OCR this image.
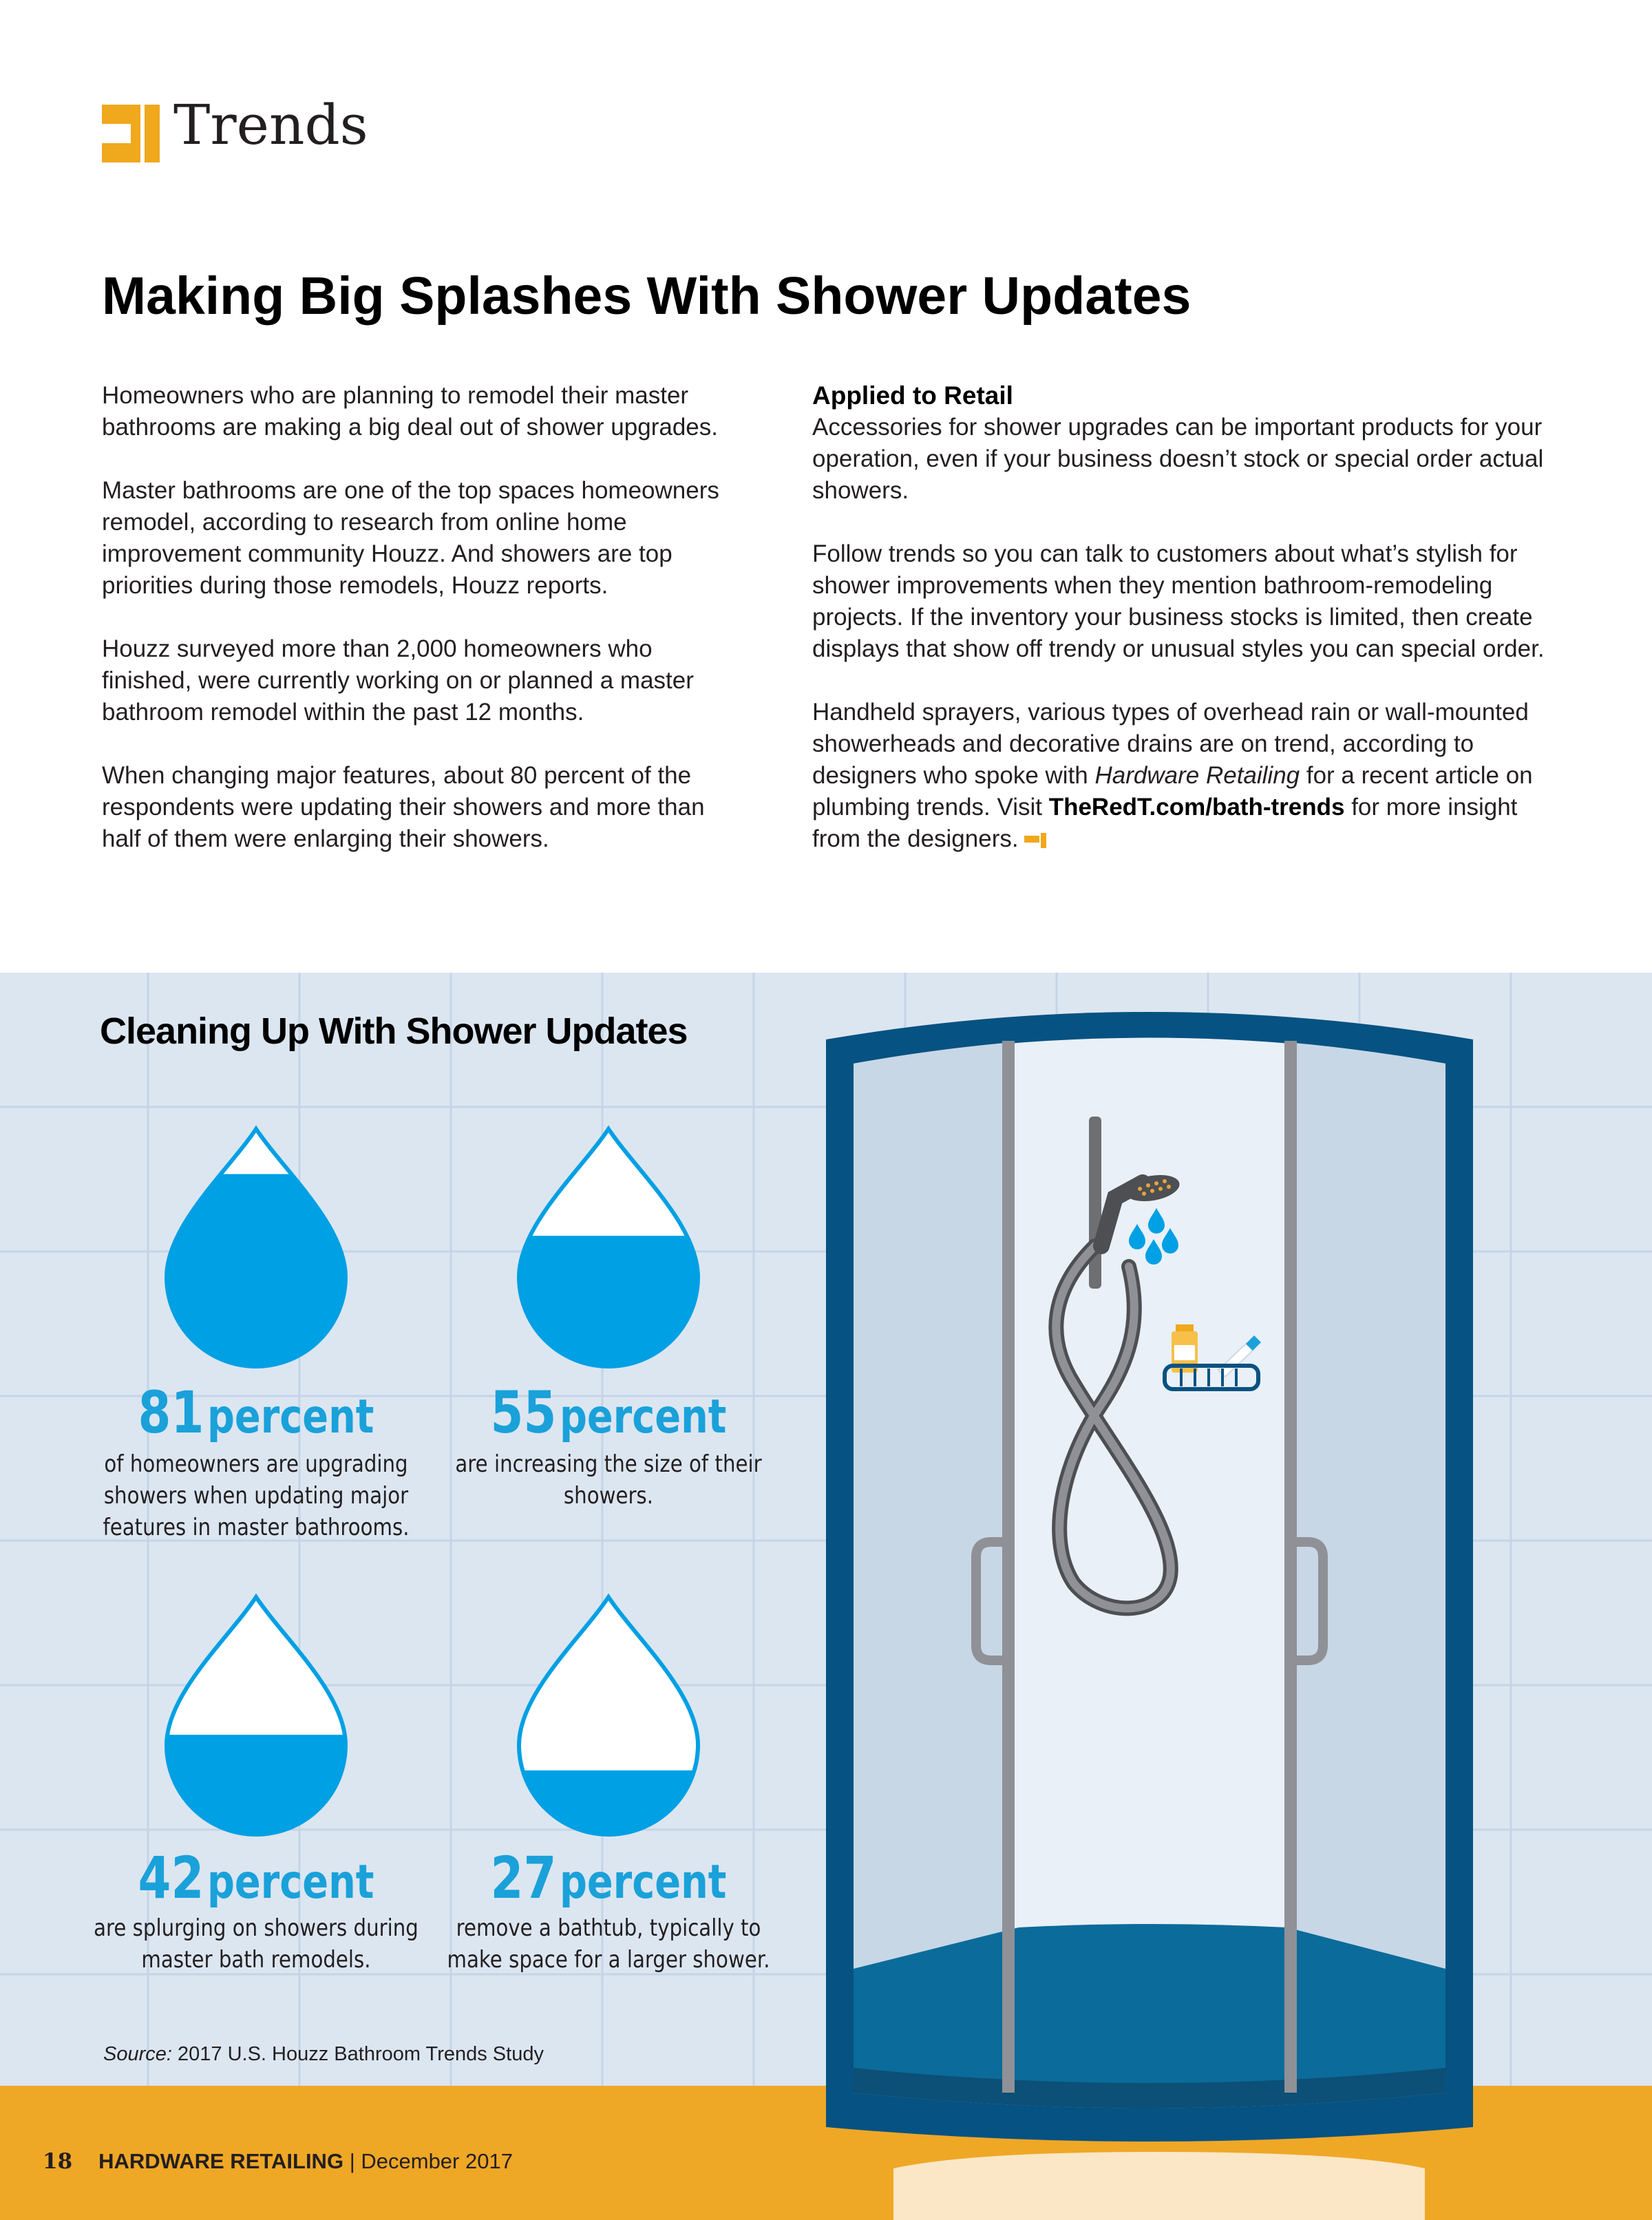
Trends
Making Big Splashes With Shower Updates

Homeowners who are planning to remodel their master bathrooms are making a big deal out of shower upgrades.

Master bathrooms are one of the top spaces homeowners remodel, according to research from online home improvement community Houzz. And showers are top priorities during those remodels, Houzz reports.

Houzz surveyed more than 2,000 homeowners who finished, were currently working on or planned a master bathroom remodel within the past 12 months.

When changing major features, about 80 percent of the respondents were updating their showers and more than half of them were enlarging their showers.

Applied to Retail

Accessories for shower upgrades can be important products for your operation, even if your business doesn’t stock or special order actual showers.

Follow trends so you can talk to customers about what’s stylish for shower improvements when they mention bathroom-remodeling projects. If the inventory your business stocks is limited, then create displays that show off trendy or unusual styles you can special order.

Handheld sprayers, various types of overhead rain or wall-mounted showerheads and decorative drains are on trend, according to designers who spoke with Hardware Retailing for a recent article on plumbing trends. Visit TheRedT.com/bath-trends for more insight from the designers.

Cleaning Up With Shower Updates
81 percent
of homeowners are upgrading showers when updating major features in master bathrooms.
55 percent
are increasing the size of their showers.
42 percent
are splurging on showers during master bath remodels.
27 percent
remove a bathtub, typically to make space for a larger shower.
Source: 2017 U.S. Houzz Bathroom Trends Study
18 HARDWARE RETAILING | December 2017
